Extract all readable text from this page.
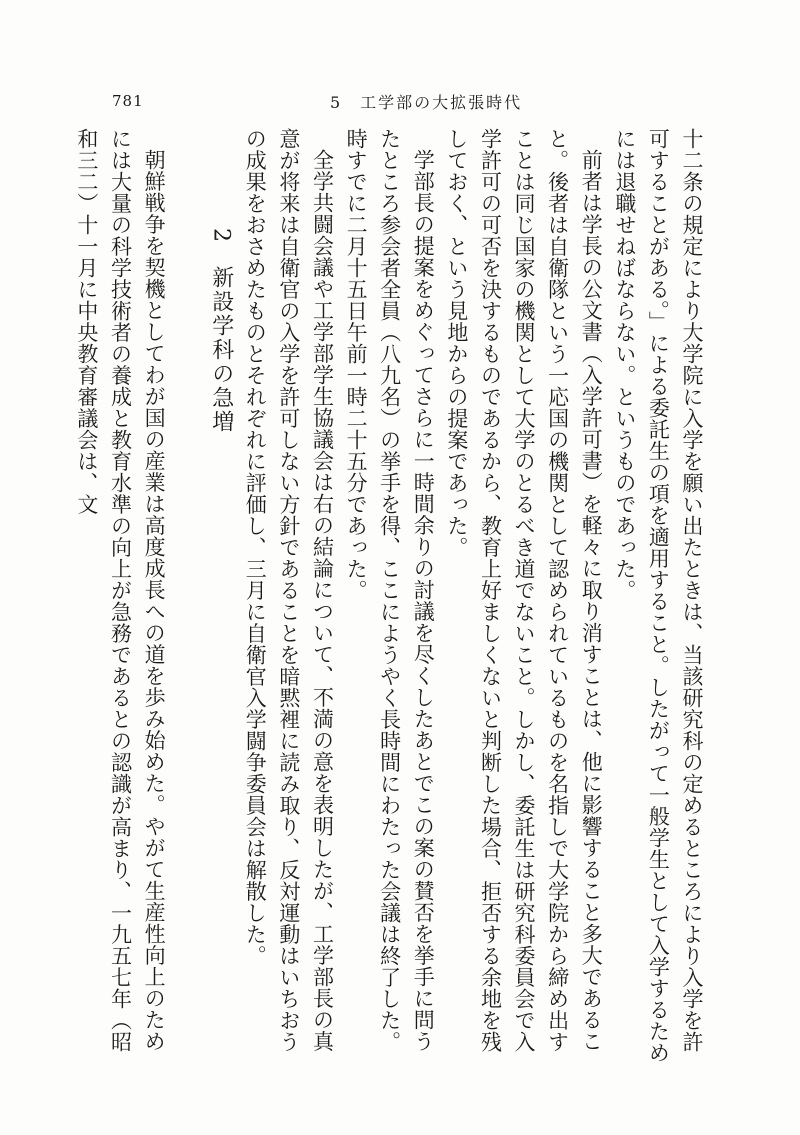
781	5　工学部の大拡張時代

十二条の規定により大学院に入学を願い出たときは、当該研究科の定めるところにより入学を許可することがある。」による委託生の項を適用すること。したがって一般学生として入学するためには退職せねばならない。というものであった。

前者は学長の公文書（入学許可書）を軽々に取り消すことは、他に影響すること多大であること。後者は自衛隊という一応国の機関として認められているものを名指しで大学院から締め出すことは同じ国家の機関として大学のとるべき道でないこと。しかし、委託生は研究科委員会で入学許可の可否を決するものであるから、教育上好ましくないと判断した場合、拒否する余地を残しておく、という見地からの提案であった。

学部長の提案をめぐってさらに一時間余りの討議を尽くしたあとでこの案の賛否を挙手に問うたところ参会者全員（八九名）の挙手を得、ここにようやく長時間にわたった会議は終了した。時すでに二月十五日午前一時二十五分であった。

全学共闘会議や工学部学生協議会は右の結論について、不満の意を表明したが、工学部長の真意が将来は自衛官の入学を許可しない方針であることを暗黙裡に読み取り、反対運動はいちおうの成果をおさめたものとそれぞれに評価し、三月に自衛官入学闘争委員会は解散した。

2新設学科の急増

朝鮮戦争を契機としてわが国の産業は高度成長への道を歩み始めた。やがて生産性向上のためには大量の科学技術者の養成と教育水準の向上が急務であるとの認識が高まり、一九五七年（昭和三二）十一月に中央教育審議会は、文
